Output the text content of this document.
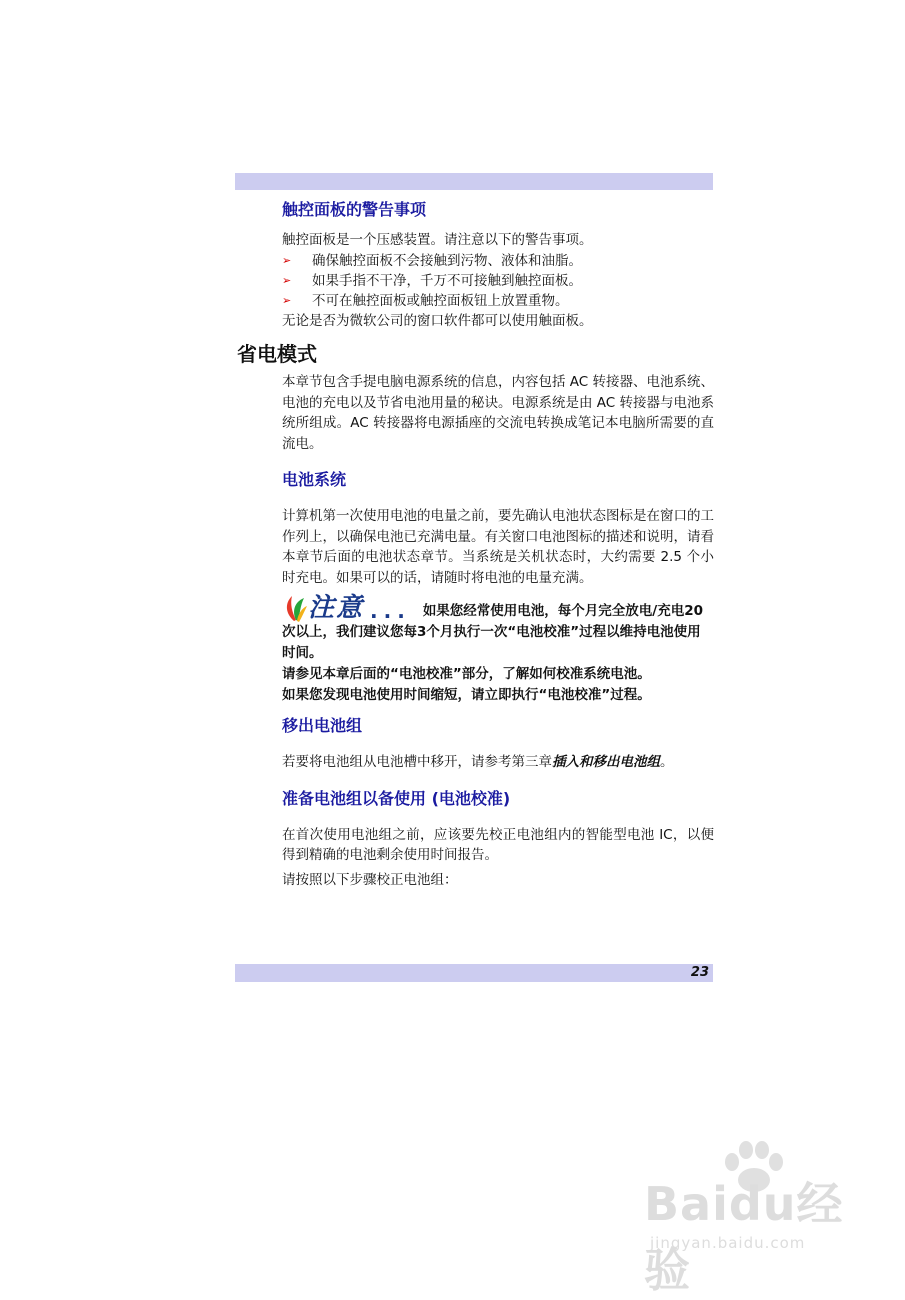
触控面板的警告事项

触控面板是一个压感装置。请注意以下的警告事项。

➢ 确保触控面板不会接触到污物、液体和油脂。
➢ 如果手指不干净，千万不可接触到触控面板。
➢ 不可在触控面板或触控面板钮上放置重物。

无论是否为微软公司的窗口软件都可以使用触面板。

省电模式

本章节包含手提电脑电源系统的信息，内容包括 AC 转接器、电池系统、电池的充电以及节省电池用量的秘诀。电源系统是由 AC 转接器与电池系统所组成。AC 转接器将电源插座的交流电转换成笔记本电脑所需要的直流电。

电池系统

计算机第一次使用电池的电量之前，要先确认电池状态图标是在窗口的工作列上，以确保电池已充满电量。有关窗口电池图标的描述和说明，请看本章节后面的电池状态章节。当系统是关机状态时，大约需要 2.5 个小时充电。如果可以的话，请随时将电池的电量充满。

注意 ... 如果您经常使用电池，每个月完全放电/充电20次以上，我们建议您每3个月执行一次“电池校准”过程以维持电池使用时间。
请参见本章后面的“电池校准”部分，了解如何校准系统电池。
如果您发现电池使用时间缩短，请立即执行“电池校准”过程。
移出电池组

若要将电池组从电池槽中移开，请参考第三章插入和移出电池组。

准备电池组以备使用 (电池校准)

在首次使用电池组之前，应该要先校正电池组内的智能型电池 IC，以便得到精确的电池剩余使用时间报告。

请按照以下步骤校正电池组：

23
Baidu经验
jingyan.baidu.com
